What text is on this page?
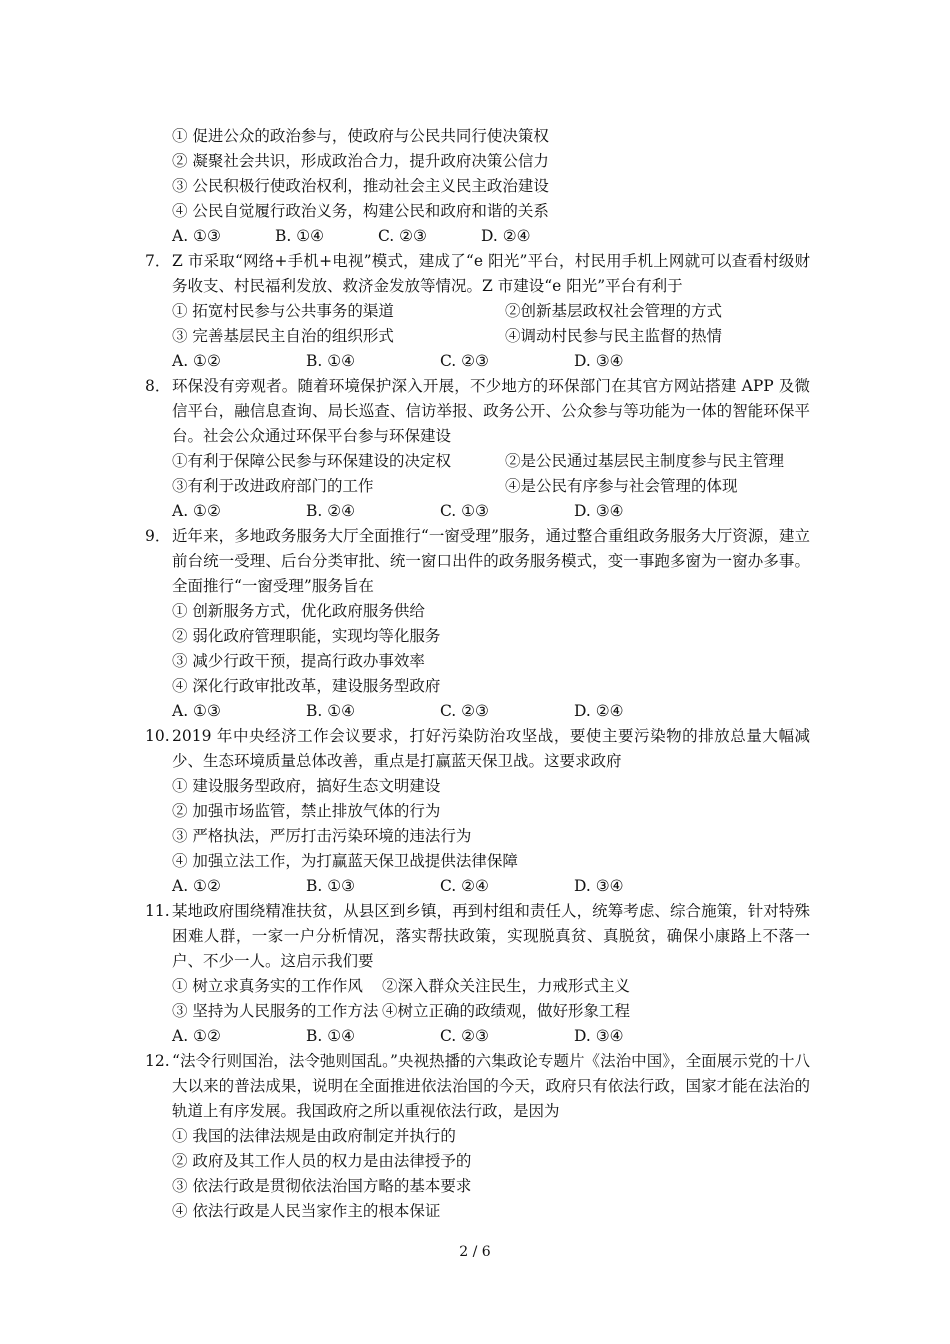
① 促进公众的政治参与，使政府与公民共同行使决策权
② 凝聚社会共识，形成政治合力，提升政府决策公信力
③ 公民积极行使政治权利，推动社会主义民主政治建设
④ 公民自觉履行政治义务，构建公民和政府和谐的关系
A. ①③	B. ①④	C. ②③	D. ②④
7． Z 市采取“网络+手机+电视”模式，建成了“e 阳光”平台，村民用手机上网就可以查看村级财务收支、村民福利发放、救济金发放等情况。Z 市建设“e 阳光”平台有利于
① 拓宽村民参与公共事务的渠道	②创新基层政权社会管理的方式
③ 完善基层民主自治的组织形式	④调动村民参与民主监督的热情
A. ①②	B. ①④	C. ②③	D. ③④
8． 环保没有旁观者。随着环境保护深入开展，不少地方的环保部门在其官方网站搭建 APP 及微信平台，融信息查询、局长巡查、信访举报、政务公开、公众参与等功能为一体的智能环保平台。社会公众通过环保平台参与环保建设
①有利于保障公民参与环保建设的决定权	②是公民通过基层民主制度参与民主管理
③有利于改进政府部门的工作	④是公民有序参与社会管理的体现
A. ①②	B. ②④	C. ①③	D. ③④
9． 近年来，多地政务服务大厅全面推行“一窗受理”服务，通过整合重组政务服务大厅资源，建立前台统一受理、后台分类审批、统一窗口出件的政务服务模式，变一事跑多窗为一窗办多事。全面推行“一窗受理”服务旨在
① 创新服务方式，优化政府服务供给
② 弱化政府管理职能，实现均等化服务
③ 减少行政干预，提高行政办事效率
④ 深化行政审批改革，建设服务型政府
A. ①③	B. ①④	C. ②③	D. ②④
10. 2019 年中央经济工作会议要求，打好污染防治攻坚战，要使主要污染物的排放总量大幅减少、生态环境质量总体改善，重点是打赢蓝天保卫战。这要求政府
① 建设服务型政府，搞好生态文明建设
② 加强市场监管，禁止排放气体的行为
③ 严格执法，严厉打击污染环境的违法行为
④ 加强立法工作，为打赢蓝天保卫战提供法律保障
A. ①②	B. ①③	C. ②④	D. ③④
11. 某地政府围绕精准扶贫，从县区到乡镇，再到村组和责任人，统筹考虑、综合施策，针对特殊困难人群，一家一户分析情况，落实帮扶政策，实现脱真贫、真脱贫，确保小康路上不落一户、不少一人。这启示我们要
① 树立求真务实的工作作风	②深入群众关注民生，力戒形式主义
③ 坚持为人民服务的工作方法 ④树立正确的政绩观，做好形象工程
A. ①②	B. ①④	C. ②③	D. ③④
12. “法令行则国治，法令弛则国乱。”央视热播的六集政论专题片《法治中国》，全面展示党的十八大以来的普法成果，说明在全面推进依法治国的今天，政府只有依法行政，国家才能在法治的轨道上有序发展。我国政府之所以重视依法行政，是因为
① 我国的法律法规是由政府制定并执行的
② 政府及其工作人员的权力是由法律授予的
③ 依法行政是贯彻依法治国方略的基本要求
④ 依法行政是人民当家作主的根本保证
2 / 6
